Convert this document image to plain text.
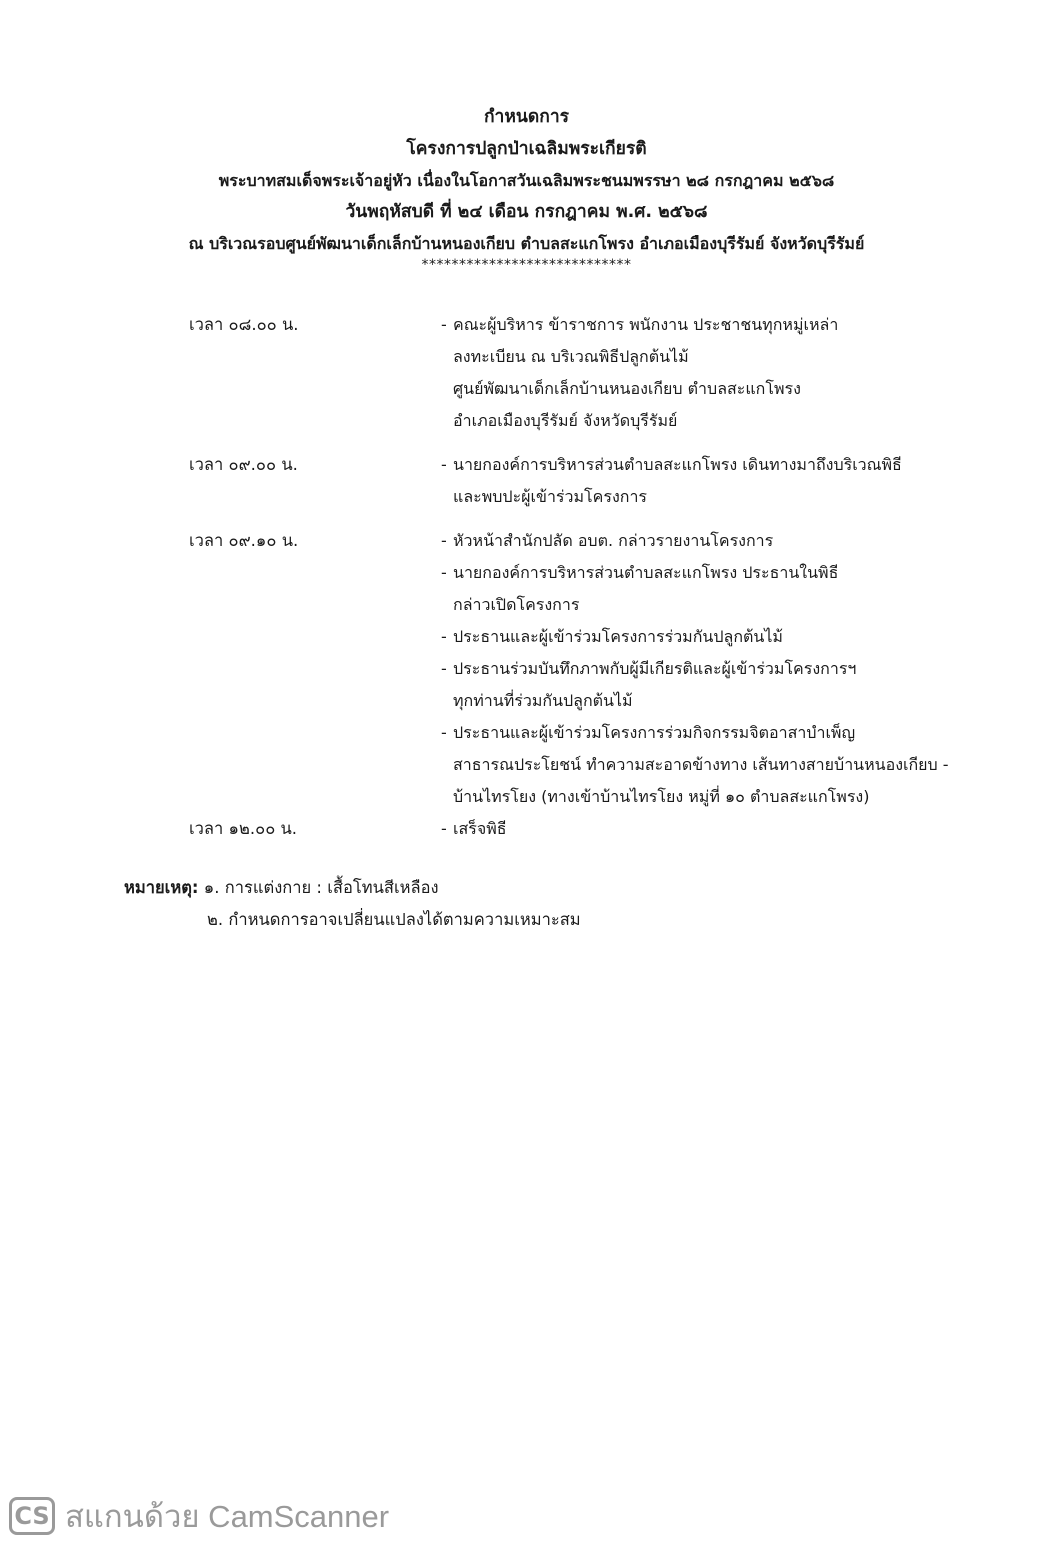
กำหนดการ
โครงการปลูกป่าเฉลิมพระเกียรติ
พระบาทสมเด็จพระเจ้าอยู่หัว เนื่องในโอกาสวันเฉลิมพระชนมพรรษา ๒๘ กรกฎาคม ๒๕๖๘
วันพฤหัสบดี ที่ ๒๔ เดือน กรกฎาคม พ.ศ. ๒๕๖๘
ณ บริเวณรอบศูนย์พัฒนาเด็กเล็กบ้านหนองเกียบ ตำบลสะแกโพรง อำเภอเมืองบุรีรัมย์ จังหวัดบุรีรัมย์
****************************
เวลา ๐๘.๐๐ น.	- คณะผู้บริหาร ข้าราชการ พนักงาน ประชาชนทุกหมู่เหล่า
ลงทะเบียน ณ บริเวณพิธีปลูกต้นไม้
ศูนย์พัฒนาเด็กเล็กบ้านหนองเกียบ ตำบลสะแกโพรง
อำเภอเมืองบุรีรัมย์ จังหวัดบุรีรัมย์
เวลา ๐๙.๐๐ น.	- นายกองค์การบริหารส่วนตำบลสะแกโพรง เดินทางมาถึงบริเวณพิธี
และพบปะผู้เข้าร่วมโครงการ
เวลา ๐๙.๑๐ น.	- หัวหน้าสำนักปลัด อบต. กล่าวรายงานโครงการ
- นายกองค์การบริหารส่วนตำบลสะแกโพรง ประธานในพิธี
กล่าวเปิดโครงการ
- ประธานและผู้เข้าร่วมโครงการร่วมกันปลูกต้นไม้
- ประธานร่วมบันทึกภาพกับผู้มีเกียรติและผู้เข้าร่วมโครงการฯ
ทุกท่านที่ร่วมกันปลูกต้นไม้
- ประธานและผู้เข้าร่วมโครงการร่วมกิจกรรมจิตอาสาบำเพ็ญ
สาธารณประโยชน์ ทำความสะอาดข้างทาง เส้นทางสายบ้านหนองเกียบ -
บ้านไทรโยง (ทางเข้าบ้านไทรโยง หมู่ที่ ๑๐ ตำบลสะแกโพรง)
เวลา ๑๒.๐๐ น.	- เสร็จพิธี
หมายเหตุ: ๑. การแต่งกาย : เสื้อโทนสีเหลือง
๒. กำหนดการอาจเปลี่ยนแปลงได้ตามความเหมาะสม
CS สแกนด้วย CamScanner
